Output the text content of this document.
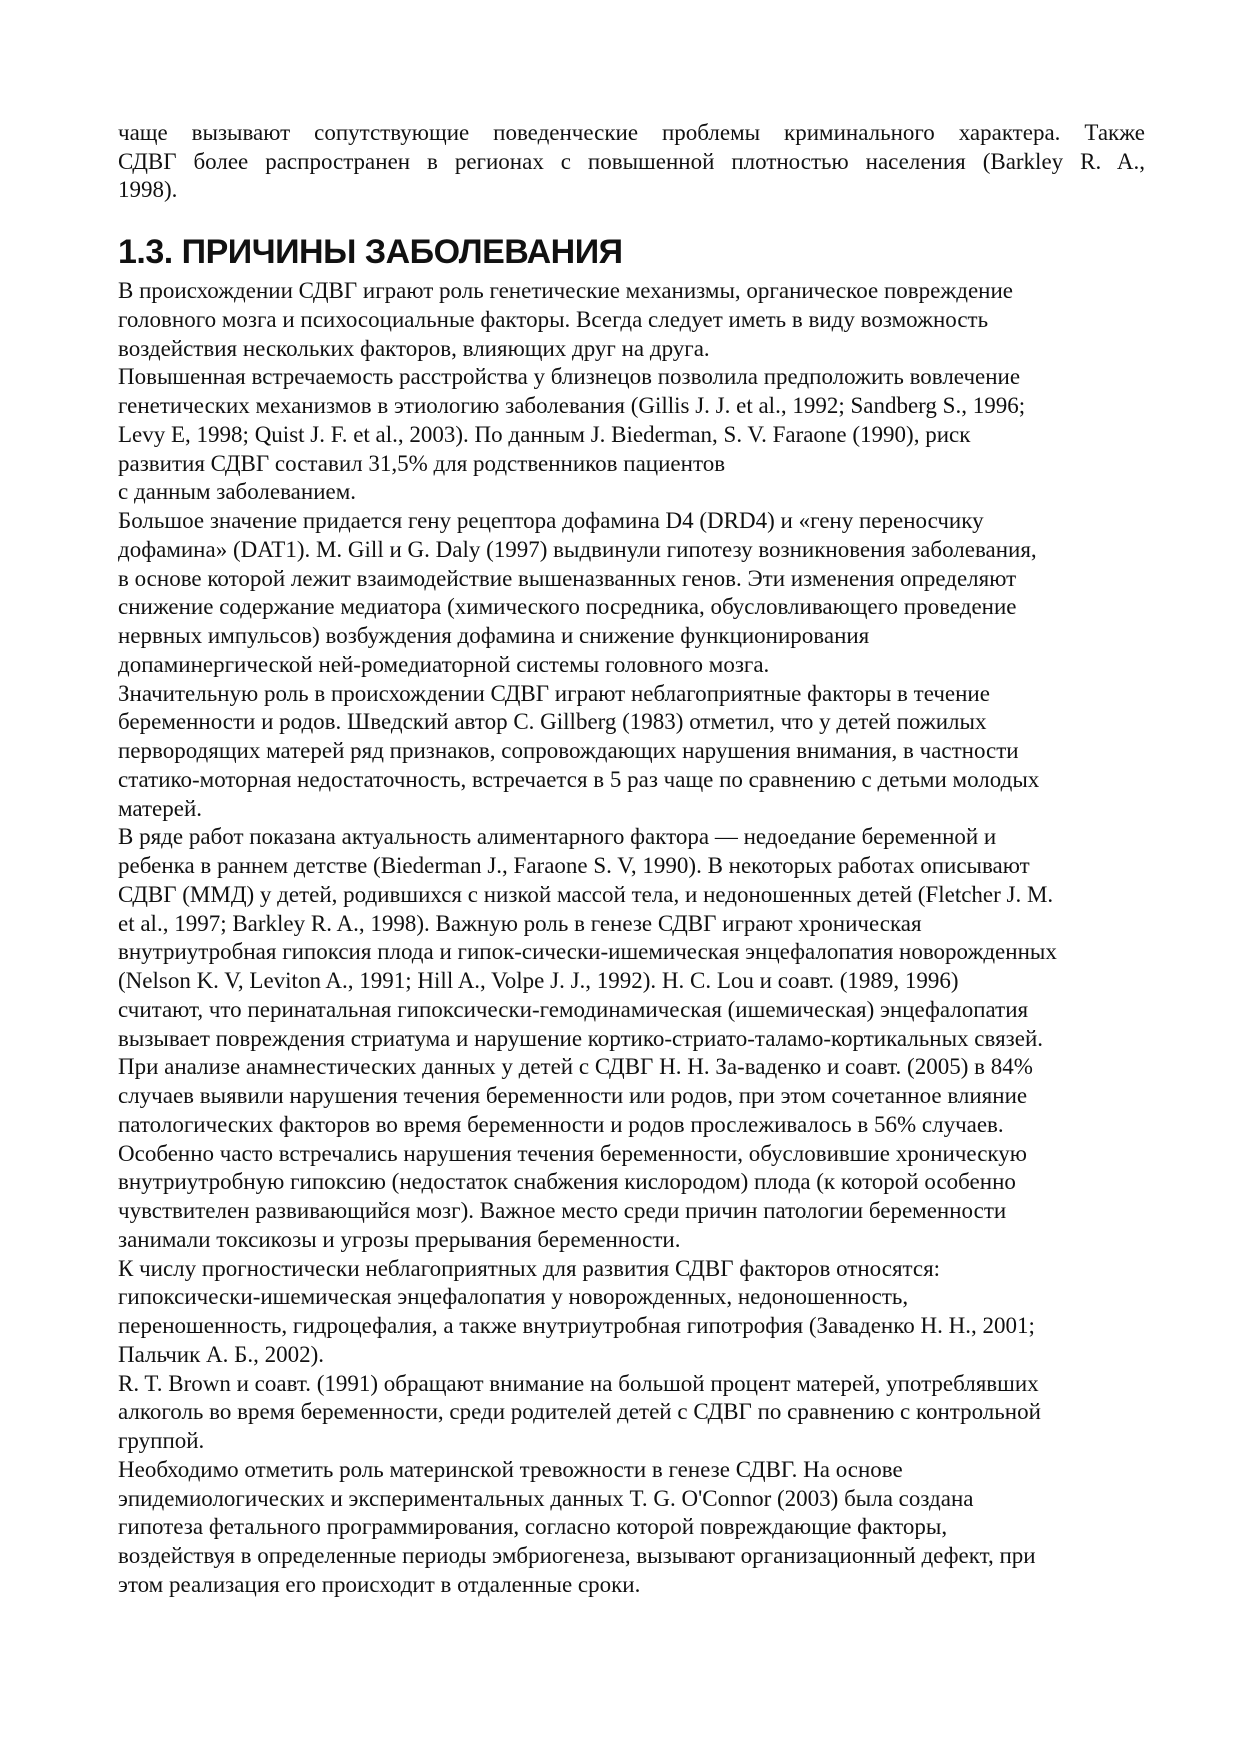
чаще вызывают сопутствующие поведенческие проблемы криминального характера. Также
СДВГ более распространен в регионах с повышенной плотностью населения (Barkley R. A.,
1998).
1.3. ПРИЧИНЫ ЗАБОЛЕВАНИЯ
В происхождении СДВГ играют роль генетические механизмы, органическое повреждение
головного мозга и психосоциальные факторы. Всегда следует иметь в виду возможность
воздействия нескольких факторов, влияющих друг на друга.
Повышенная встречаемость расстройства у близнецов позволила предположить вовлечение
генетических механизмов в этиологию заболевания (Gillis J. J. et al., 1992; Sandberg S., 1996;
Levy E, 1998; Quist J. F. et al., 2003). По данным J. Biederman, S. V. Faraone (1990), риск
развития СДВГ составил 31,5% для родственников пациентов
с данным заболеванием.
Большое значение придается гену рецептора дофамина D4 (DRD4) и «гену переносчику
дофамина» (DAT1). M. Gill и G. Daly (1997) выдвинули гипотезу возникновения заболевания,
в основе которой лежит взаимодействие вышеназванных генов. Эти изменения определяют
снижение содержание медиатора (химического посредника, обусловливающего проведение
нервных импульсов) возбуждения дофамина и снижение функционирования
допаминергической ней-ромедиаторной системы головного мозга.
Значительную роль в происхождении СДВГ играют неблагоприятные факторы в течение
беременности и родов. Шведский автор C. Gillberg (1983) отметил, что у детей пожилых
первородящих матерей ряд признаков, сопровождающих нарушения внимания, в частности
статико-моторная недостаточность, встречается в 5 раз чаще по сравнению с детьми молодых
матерей.
В ряде работ показана актуальность алиментарного фактора — недоедание беременной и
ребенка в раннем детстве (Biederman J., Faraone S. V, 1990). В некоторых работах описывают
СДВГ (ММД) у детей, родившихся с низкой массой тела, и недоношенных детей (Fletcher J. M.
et al., 1997; Barkley R. A., 1998). Важную роль в генезе СДВГ играют хроническая
внутриутробная гипоксия плода и гипок-сически-ишемическая энцефалопатия новорожденных
(Nelson K. V, Leviton A., 1991; Hill A., Volpe J. J., 1992). H. C. Lou и соавт. (1989, 1996)
считают, что перинатальная гипоксически-гемодинамическая (ишемическая) энцефалопатия
вызывает повреждения стриатума и нарушение кортико-стриато-таламо-кортикальных связей.
При анализе анамнестических данных у детей с СДВГ Н. Н. За-ваденко и соавт. (2005) в 84%
случаев выявили нарушения течения беременности или родов, при этом сочетанное влияние
патологических факторов во время беременности и родов прослеживалось в 56% случаев.
Особенно часто встречались нарушения течения беременности, обусловившие хроническую
внутриутробную гипоксию (недостаток снабжения кислородом) плода (к которой особенно
чувствителен развивающийся мозг). Важное место среди причин патологии беременности
занимали токсикозы и угрозы прерывания беременности.
К числу прогностически неблагоприятных для развития СДВГ факторов относятся:
гипоксически-ишемическая энцефалопатия у новорожденных, недоношенность,
переношенность, гидроцефалия, а также внутриутробная гипотрофия (Заваденко Н. Н., 2001;
Пальчик А. Б., 2002).
R. T. Brown и соавт. (1991) обращают внимание на большой процент матерей, употреблявших
алкоголь во время беременности, среди родителей детей с СДВГ по сравнению с контрольной
группой.
Необходимо отметить роль материнской тревожности в генезе СДВГ. На основе
эпидемиологических и экспериментальных данных T. G. O'Connor (2003) была создана
гипотеза фетального программирования, согласно которой повреждающие факторы,
воздействуя в определенные периоды эмбриогенеза, вызывают организационный дефект, при
этом реализация его происходит в отдаленные сроки.
